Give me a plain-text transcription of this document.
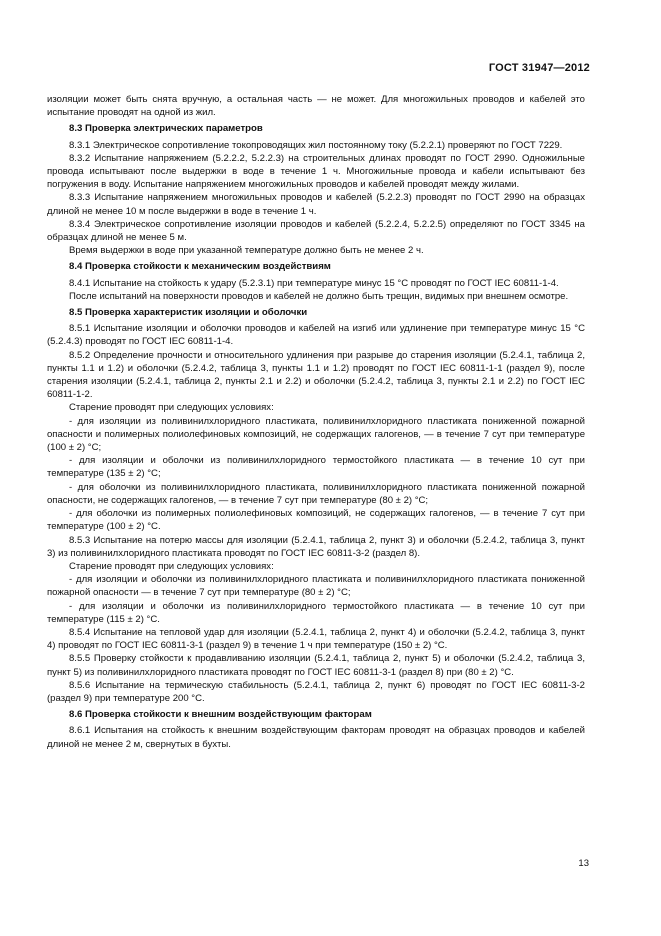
ГОСТ 31947—2012

изоляции может быть снята вручную, а остальная часть — не может. Для многожильных проводов и кабелей это испытание проводят на одной из жил.

8.3 Проверка электрических параметров

8.3.1 Электрическое сопротивление токопроводящих жил постоянному току (5.2.2.1) проверяют по ГОСТ 7229.

8.3.2 Испытание напряжением (5.2.2.2, 5.2.2.3) на строительных длинах проводят по ГОСТ 2990. Одножильные провода испытывают после выдержки в воде в течение 1 ч. Многожильные провода и кабели испытывают без погружения в воду. Испытание напряжением многожильных проводов и кабелей проводят между жилами.

8.3.3 Испытание напряжением многожильных проводов и кабелей (5.2.2.3) проводят по ГОСТ 2990 на образцах длиной не менее 10 м после выдержки в воде в течение 1 ч.

8.3.4 Электрическое сопротивление изоляции проводов и кабелей (5.2.2.4, 5.2.2.5) определяют по ГОСТ 3345 на образцах длиной не менее 5 м.

Время выдержки в воде при указанной температуре должно быть не менее 2 ч.

8.4 Проверка стойкости к механическим воздействиям

8.4.1 Испытание на стойкость к удару (5.2.3.1) при температуре минус 15 °С проводят по ГОСТ IEC 60811-1-4.

После испытаний на поверхности проводов и кабелей не должно быть трещин, видимых при внешнем осмотре.

8.5 Проверка характеристик изоляции и оболочки

8.5.1 Испытание изоляции и оболочки проводов и кабелей на изгиб или удлинение при температуре минус 15 °С (5.2.4.3) проводят по ГОСТ IEC 60811-1-4.

8.5.2 Определение прочности и относительного удлинения при разрыве до старения изоляции (5.2.4.1, таблица 2, пункты 1.1 и 1.2) и оболочки (5.2.4.2, таблица 3, пункты 1.1 и 1.2) проводят по ГОСТ IEC 60811-1-1 (раздел 9), после старения изоляции (5.2.4.1, таблица 2, пункты 2.1 и 2.2) и оболочки (5.2.4.2, таблица 3, пункты 2.1 и 2.2) по ГОСТ IEC 60811-1-2.

Старение проводят при следующих условиях:

- для изоляции из поливинилхлоридного пластиката, поливинилхлоридного пластиката пониженной пожарной опасности и полимерных полиолефиновых композиций, не содержащих галогенов, — в течение 7 сут при температуре (100 ± 2) °С;

- для изоляции и оболочки из поливинилхлоридного термостойкого пластиката — в течение 10 сут при температуре (135 ± 2) °С;

- для оболочки из поливинилхлоридного пластиката, поливинилхлоридного пластиката пониженной пожарной опасности, не содержащих галогенов, — в течение 7 сут при температуре (80 ± 2) °С;

- для оболочки из полимерных полиолефиновых композиций, не содержащих галогенов, — в течение 7 сут при температуре (100 ± 2) °С.

8.5.3 Испытание на потерю массы для изоляции (5.2.4.1, таблица 2, пункт 3) и оболочки (5.2.4.2, таблица 3, пункт 3) из поливинилхлоридного пластиката проводят по ГОСТ IEC 60811-3-2 (раздел 8).

Старение проводят при следующих условиях:

- для изоляции и оболочки из поливинилхлоридного пластиката и поливинилхлоридного пластиката пониженной пожарной опасности — в течение 7 сут при температуре (80 ± 2) °С;

- для изоляции и оболочки из поливинилхлоридного термостойкого пластиката — в течение 10 сут при температуре (115 ± 2) °С.

8.5.4 Испытание на тепловой удар для изоляции (5.2.4.1, таблица 2, пункт 4) и оболочки (5.2.4.2, таблица 3, пункт 4) проводят по ГОСТ IEC 60811-3-1 (раздел 9) в течение 1 ч при температуре (150 ± 2) °С.

8.5.5 Проверку стойкости к продавливанию изоляции (5.2.4.1, таблица 2, пункт 5) и оболочки (5.2.4.2, таблица 3, пункт 5) из поливинилхлоридного пластиката проводят по ГОСТ IEC 60811-3-1 (раздел 8) при (80 ± 2) °С.

8.5.6 Испытание на термическую стабильность (5.2.4.1, таблица 2, пункт 6) проводят по ГОСТ IEC 60811-3-2 (раздел 9) при температуре 200 °С.

8.6 Проверка стойкости к внешним воздействующим факторам

8.6.1 Испытания на стойкость к внешним воздействующим факторам проводят на образцах проводов и кабелей длиной не менее 2 м, свернутых в бухты.

13
